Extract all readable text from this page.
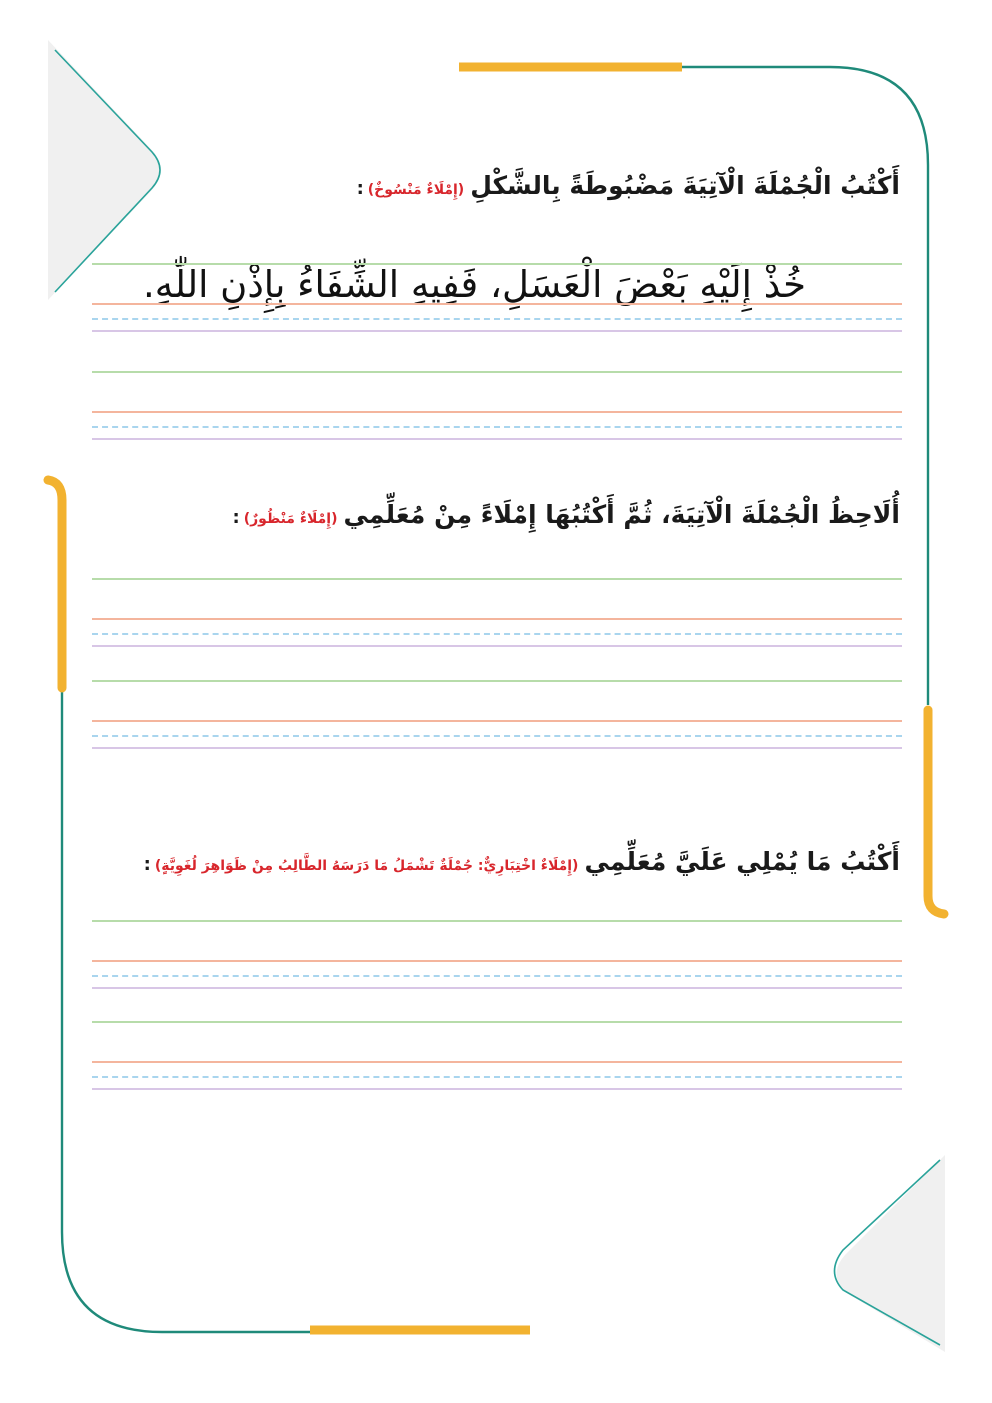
أَكْتُبُ الْجُمْلَةَ الْآتِيَةَ مَضْبُوطَةً بِالشَّكْلِ(إِمْلَاءٌ مَنْسُوخٌ):

خُذْ إِلَيْهِ بَعْضَ الْعَسَلِ، فَفِيهِ الشِّفَاءُ بِإِذْنِ اللّٰهِ.

أُلَاحِظُ الْجُمْلَةَ الْآتِيَةَ، ثُمَّ أَكْتُبُهَا إِمْلَاءً مِنْ مُعَلِّمِي(إِمْلَاءٌ مَنْظُورٌ):

أَكْتُبُ مَا يُمْلِي عَلَيَّ مُعَلِّمِي(إِمْلَاءٌ اخْتِبَارِيٌّ: جُمْلَةٌ تَشْمَلُ مَا دَرَسَهُ الطَّالِبُ مِنْ ظَوَاهِرَ لُغَوِيَّةٍ):
